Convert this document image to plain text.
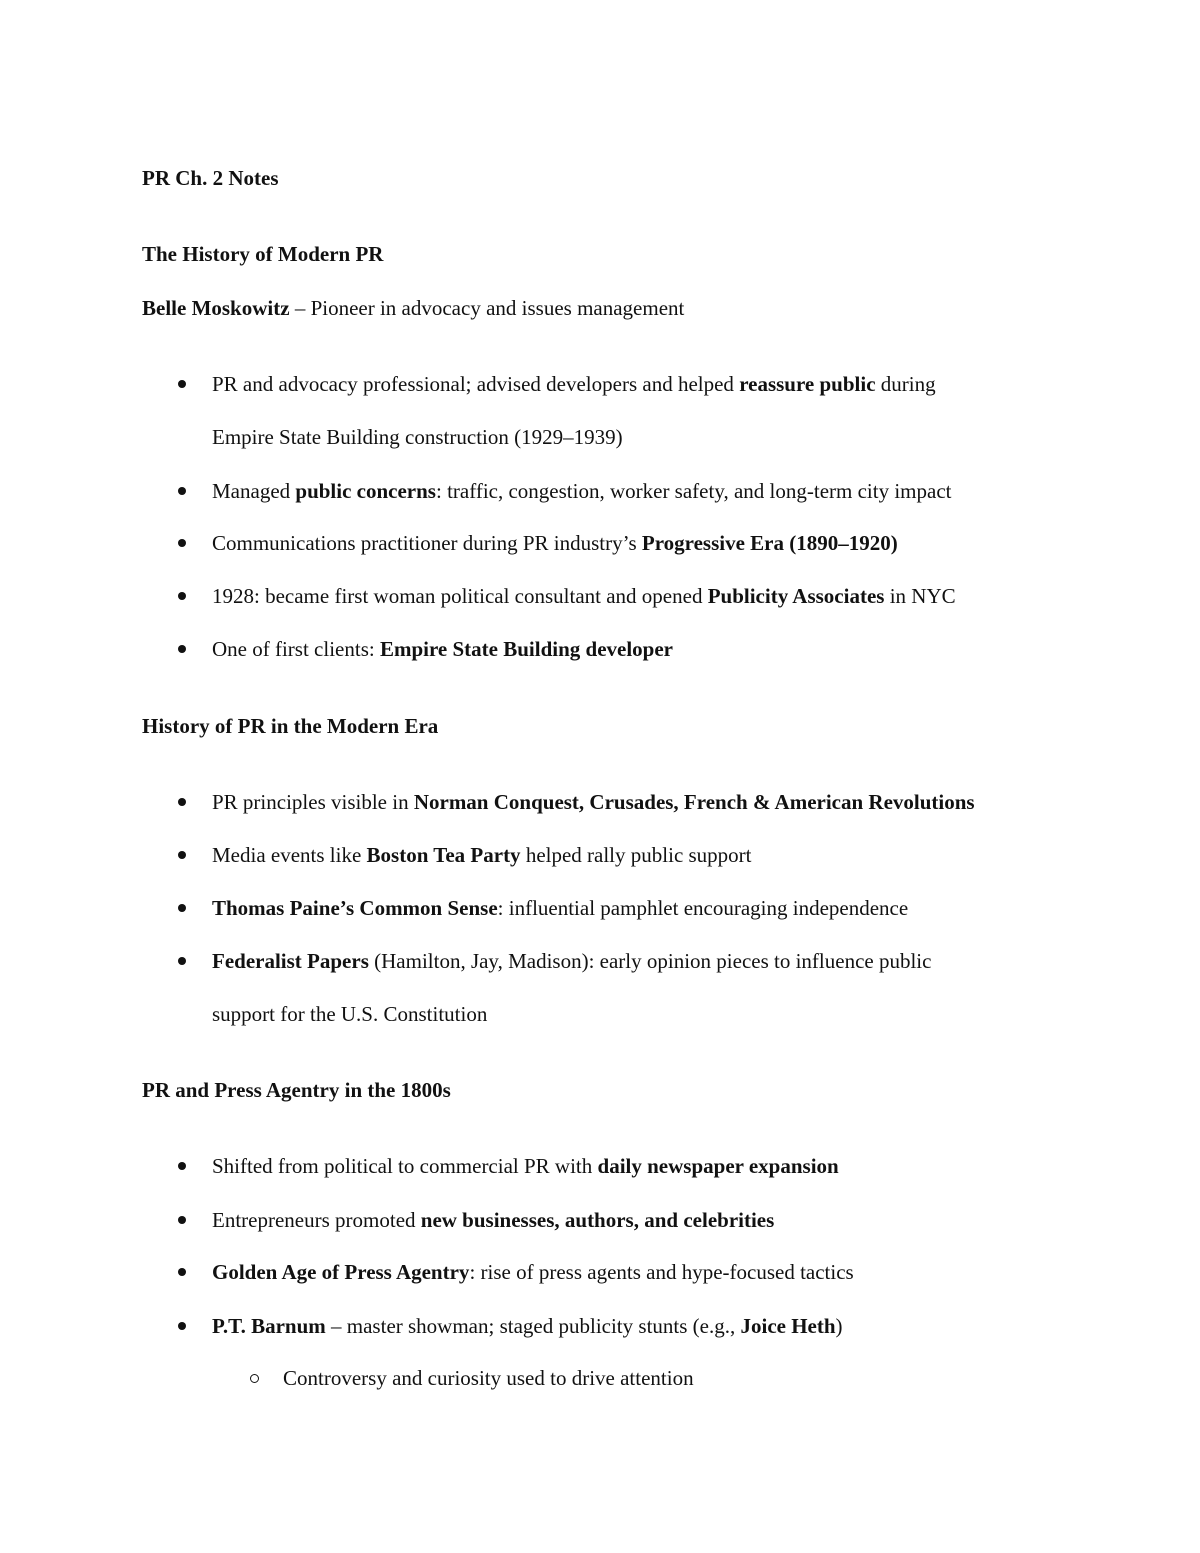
PR Ch. 2 Notes
The History of Modern PR
Belle Moskowitz – Pioneer in advocacy and issues management
PR and advocacy professional; advised developers and helped reassure public during
Empire State Building construction (1929–1939)
Managed public concerns: traffic, congestion, worker safety, and long-term city impact
Communications practitioner during PR industry’s Progressive Era (1890–1920)
1928: became first woman political consultant and opened Publicity Associates in NYC
One of first clients: Empire State Building developer
History of PR in the Modern Era
PR principles visible in Norman Conquest, Crusades, French & American Revolutions
Media events like Boston Tea Party helped rally public support
Thomas Paine’s Common Sense: influential pamphlet encouraging independence
Federalist Papers (Hamilton, Jay, Madison): early opinion pieces to influence public
support for the U.S. Constitution
PR and Press Agentry in the 1800s
Shifted from political to commercial PR with daily newspaper expansion
Entrepreneurs promoted new businesses, authors, and celebrities
Golden Age of Press Agentry: rise of press agents and hype-focused tactics
P.T. Barnum – master showman; staged publicity stunts (e.g., Joice Heth)
Controversy and curiosity used to drive attention
